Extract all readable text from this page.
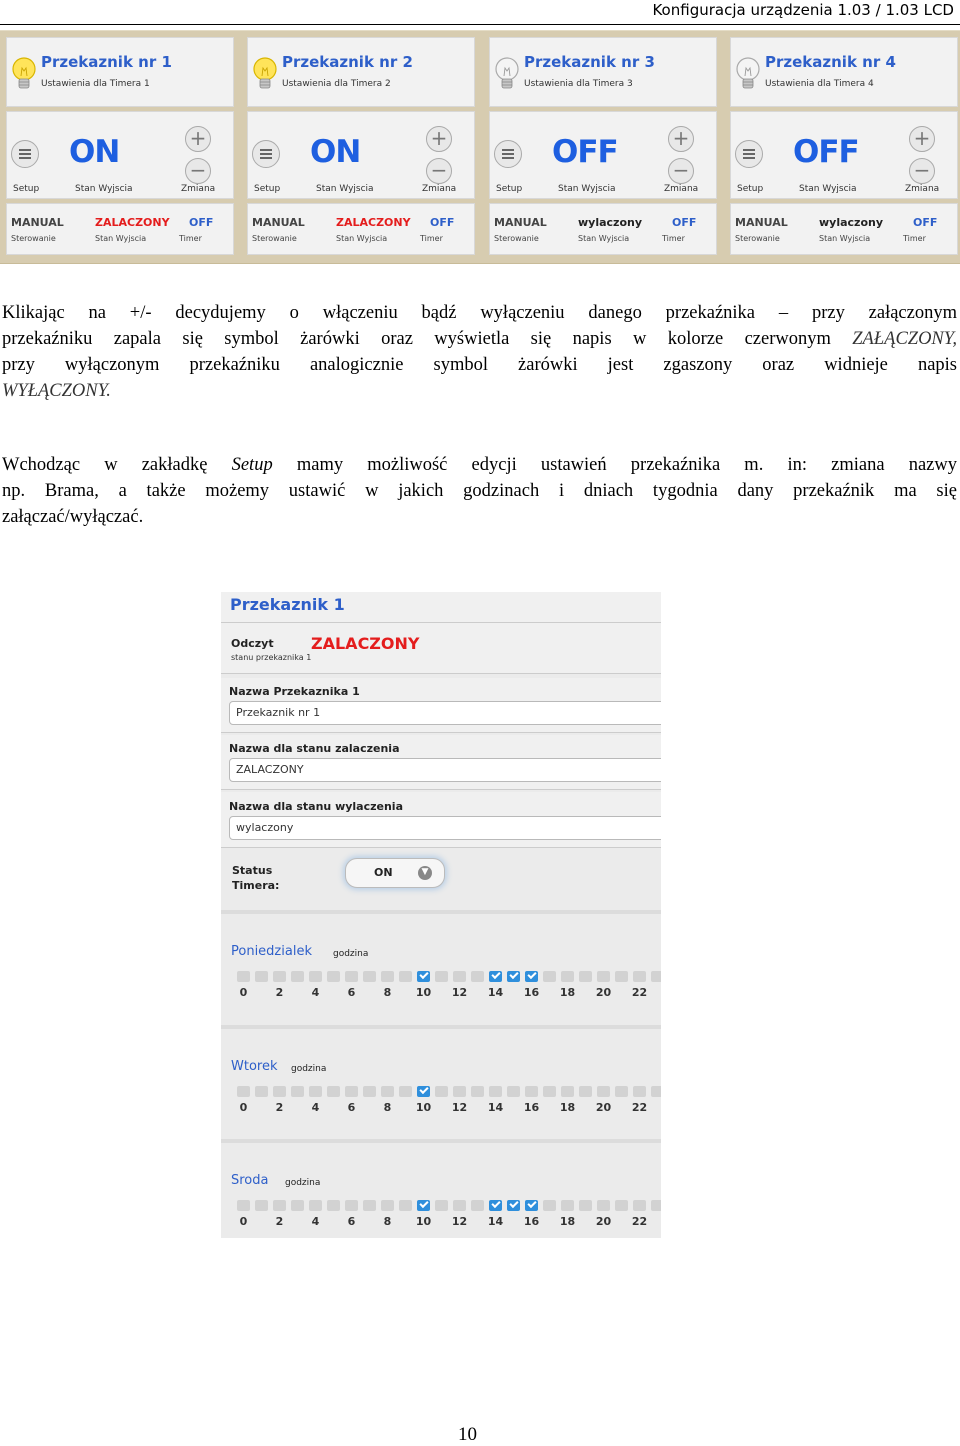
Konfiguracja urządzenia 1.03 / 1.03 LCD
Przekaznik nr 1
Ustawienia dla Timera 1
ON	+
−
Setup	Stan Wyjscia	Zmiana
MANUAL
Sterowanie
ZALACZONY
Stan Wyjscia
OFF
Timer
Przekaznik nr 2
Ustawienia dla Timera 2
ON	+
−
Setup	Stan Wyjscia	Zmiana
MANUAL
Sterowanie
ZALACZONY
Stan Wyjscia
OFF
Timer
Przekaznik nr 3
Ustawienia dla Timera 3
OFF	+
−
Setup	Stan Wyjscia	Zmiana
MANUAL
Sterowanie
wylaczony
Stan Wyjscia
OFF
Timer
Przekaznik nr 4
Ustawienia dla Timera 4
OFF	+
−
Setup	Stan Wyjscia	Zmiana
MANUAL
Sterowanie
wylaczony
Stan Wyjscia
OFF
Timer
Klikając na +/- decydujemy o włączeniu bądź wyłączeniu danego przekaźnika – przy załączonym
przekaźniku zapala się symbol żarówki oraz wyświetla się napis w kolorze czerwonym ZAŁĄCZONY,
przy wyłączonym przekaźniku analogicznie symbol żarówki jest zgaszony oraz widnieje napis
WYŁĄCZONY.
Wchodząc w zakładkę Setup mamy możliwość edycji ustawień przekaźnika m. in: zmiana nazwy
np. Brama, a także możemy ustawić w jakich godzinach i dniach tygodnia dany przekaźnik ma się
załączać/wyłączać.
Przekaznik 1
Odczyt
stanu przekaznika 1
ZALACZONY
Nazwa Przekaznika 1
Przekaznik nr 1
Nazwa dla stanu zalaczenia
ZALACZONY
Nazwa dla stanu wylaczenia
wylaczony
Status
Timera:
ON	▼
Poniedzialek godzina
0	2	4	6	8 10 12 14 16 18 20 22
Wtorek godzina
0	2	4	6	8 10 12 14 16 18 20 22
Sroda godzina
0	2	4	6	8 10 12 14 16 18 20 22
10
